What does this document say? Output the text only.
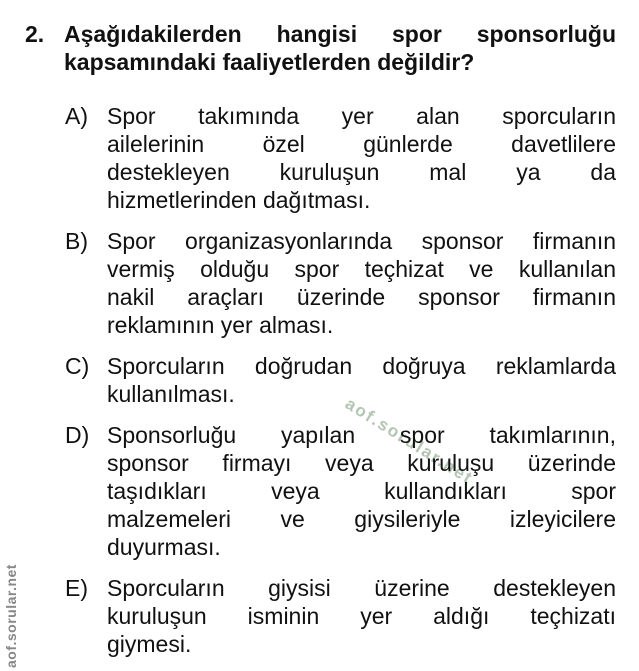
aof.sorular.net
aof.sorular.net
2. Aşağıdakilerden hangisi spor sponsorluğu
kapsamındaki faaliyetlerden değildir?
A) Spor takımında yer alan sporcuların
ailelerinin özel günlerde davetlilere
destekleyen kuruluşun mal ya da
hizmetlerinden dağıtması.
B) Spor organizasyonlarında sponsor firmanın
vermiş olduğu spor teçhizat ve kullanılan
nakil araçları üzerinde sponsor firmanın
reklamının yer alması.
C) Sporcuların doğrudan doğruya reklamlarda
kullanılması.
D) Sponsorluğu yapılan spor takımlarının,
sponsor firmayı veya kuruluşu üzerinde
taşıdıkları veya kullandıkları spor
malzemeleri ve giysileriyle izleyicilere
duyurması.
E) Sporcuların giysisi üzerine destekleyen
kuruluşun isminin yer aldığı teçhizatı
giymesi.
